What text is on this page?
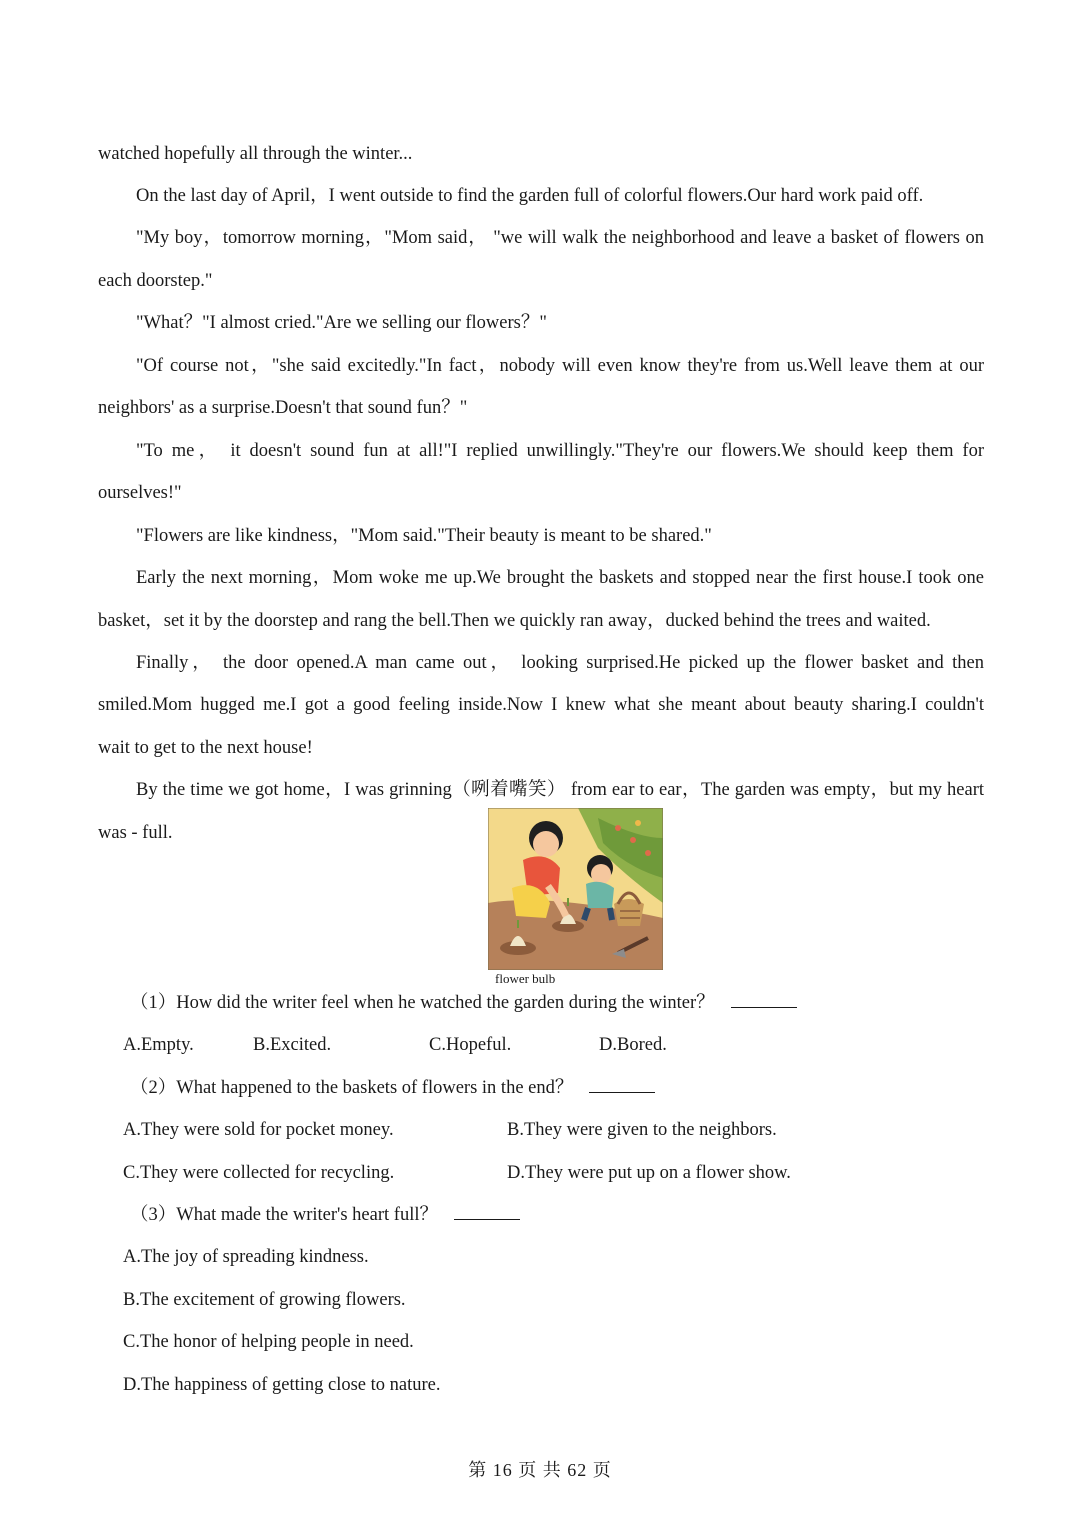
watched hopefully all through the winter...
On the last day of April，I went outside to find the garden full of colorful flowers.Our hard work paid off.
"My boy，tomorrow morning，"Mom said， "we will walk the neighborhood and leave a basket of flowers on
each doorstep."
"What？"I almost cried."Are we selling our flowers？"
"Of course not，"she said excitedly."In fact，nobody will even know they're from us.Well leave them at our
neighbors' as a surprise.Doesn't that sound fun？"
"To me， it doesn't sound fun at all!"I replied unwillingly."They're our flowers.We should keep them for
ourselves!"
"Flowers are like kindness，"Mom said."Their beauty is meant to be shared."
Early the next morning，Mom woke me up.We brought the baskets and stopped near the first house.I took one
basket，set it by the doorstep and rang the bell.Then we quickly ran away，ducked behind the trees and waited.
Finally， the door opened.A man came out， looking surprised.He picked up the flower basket and then
smiled.Mom hugged me.I got a good feeling inside.Now I knew what she meant about beauty sharing.I couldn't
wait to get to the next house!
By the time we got home，I was grinning（咧着嘴笑） from ear to ear，The garden was empty，but my heart
was - full.
flower bulb
（1）How did the writer feel when he watched the garden during the winter？
A.Empty.	B.Excited.	C.Hopeful.	D.Bored.
（2）What happened to the baskets of flowers in the end？
A.They were sold for pocket money.	B.They were given to the neighbors.
C.They were collected for recycling.	D.They were put up on a flower show.
（3）What made the writer's heart full？
A.The joy of spreading kindness.
B.The excitement of growing flowers.
C.The honor of helping people in need.
D.The happiness of getting close to nature.
第 16 页 共 62 页
